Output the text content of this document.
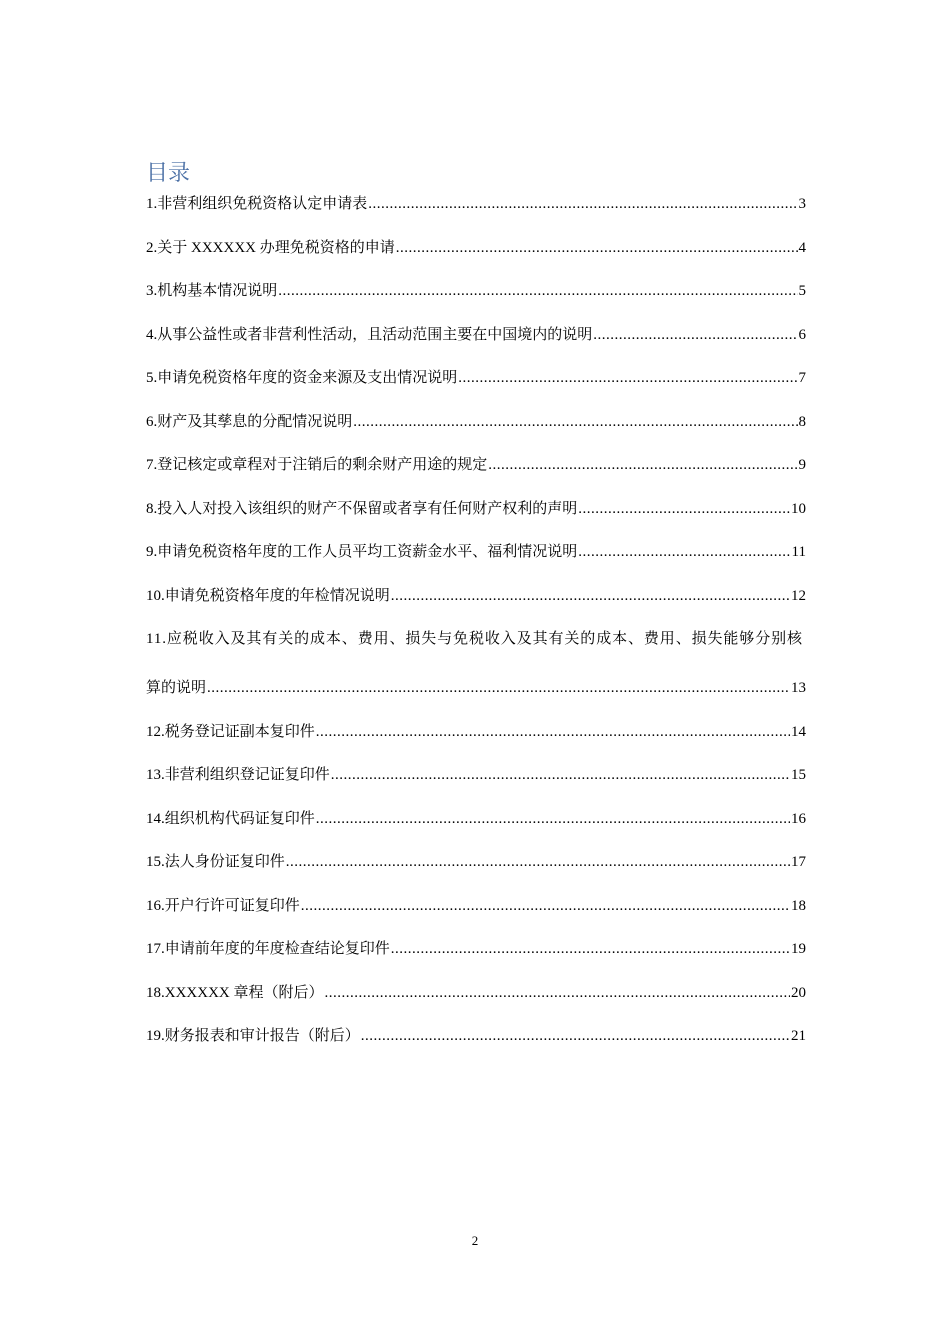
目录
1.非营利组织免税资格认定申请表 .....	3
2.关于 XXXXXX 办理免税资格的申请 .....	4
3.机构基本情况说明 .....	5
4.从事公益性或者非营利性活动，且活动范围主要在中国境内的说明 .....	6
5.申请免税资格年度的资金来源及支出情况说明 .....	7
6.财产及其孳息的分配情况说明 .....	8
7.登记核定或章程对于注销后的剩余财产用途的规定 .....	9
8.投入人对投入该组织的财产不保留或者享有任何财产权利的声明 .....	10
9.申请免税资格年度的工作人员平均工资薪金水平、福利情况说明 .....	11
10.申请免税资格年度的年检情况说明 .....	12
11.应税收入及其有关的成本、费用、损失与免税收入及其有关的成本、费用、损失能够分别核
算的说明 .....	13
12.税务登记证副本复印件 .....	14
13.非营利组织登记证复印件 .....	15
14.组织机构代码证复印件 .....	16
15.法人身份证复印件 .....	17
16.开户行许可证复印件 .....	18
17.申请前年度的年度检查结论复印件 .....	19
18.XXXXXX 章程（附后） .....	20
19.财务报表和审计报告（附后） .....	21
2
